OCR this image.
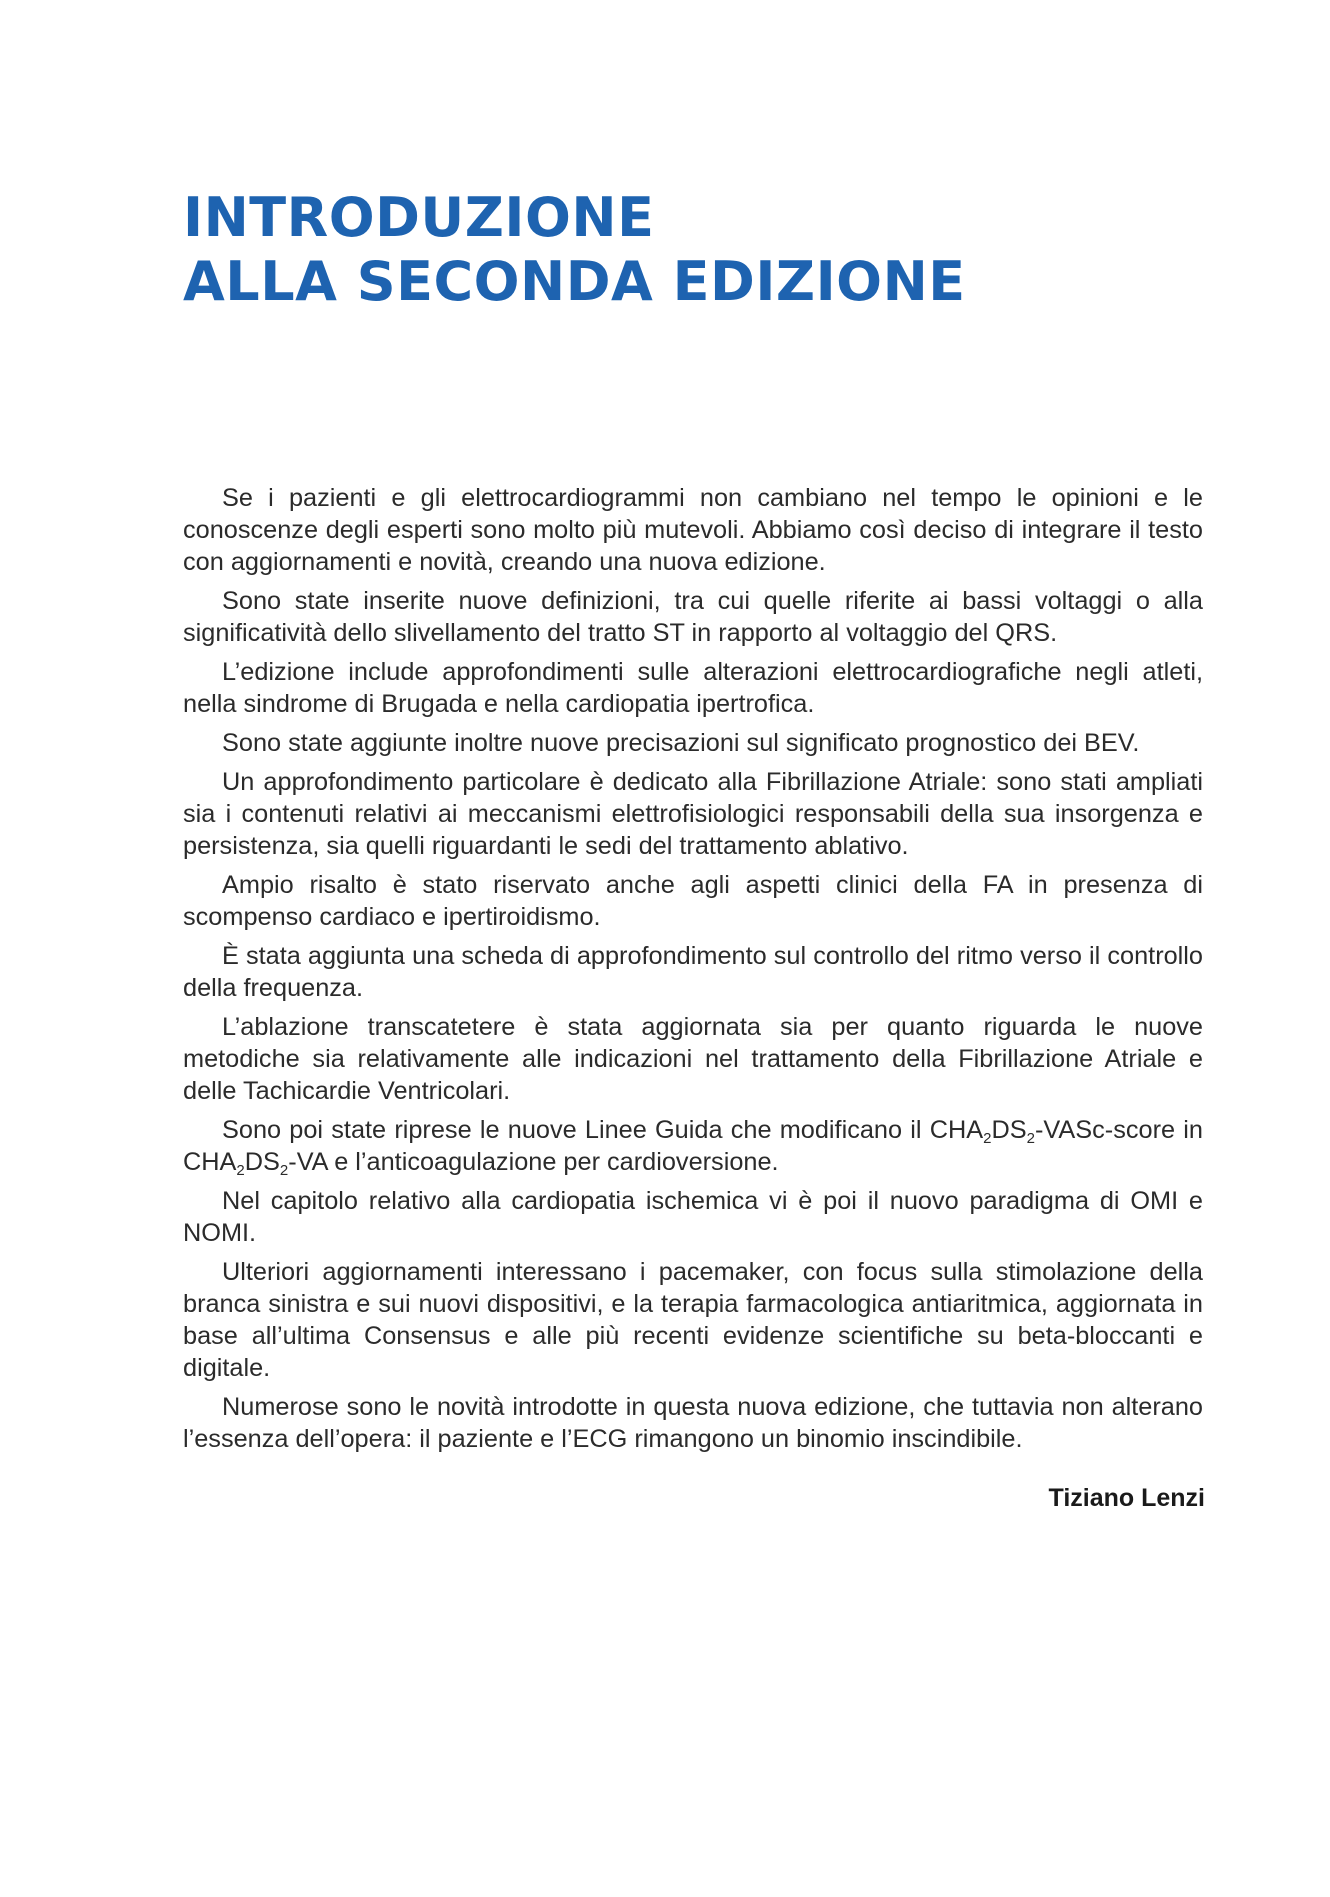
INTRODUZIONE
ALLA SECONDA EDIZIONE

Se i pazienti e gli elettrocardiogrammi non cambiano nel tempo le opinioni e le conoscenze degli esperti sono molto più mutevoli. Abbiamo così deciso di integrare il testo con aggiornamenti e novità, creando una nuova edizione.

Sono state inserite nuove definizioni, tra cui quelle riferite ai bassi voltaggi o alla significatività dello slivellamento del tratto ST in rapporto al voltaggio del QRS.

L’edizione include approfondimenti sulle alterazioni elettrocardiografiche negli atleti, nella sindrome di Brugada e nella cardiopatia ipertrofica.

Sono state aggiunte inoltre nuove precisazioni sul significato prognostico dei BEV.

Un approfondimento particolare è dedicato alla Fibrillazione Atriale: sono stati ampliati sia i contenuti relativi ai meccanismi elettrofisiologici responsabili della sua insorgenza e persistenza, sia quelli riguardanti le sedi del trattamento ablativo.

Ampio risalto è stato riservato anche agli aspetti clinici della FA in presenza di scompenso cardiaco e ipertiroidismo.

È stata aggiunta una scheda di approfondimento sul controllo del ritmo verso il controllo della frequenza.

L’ablazione transcatetere è stata aggiornata sia per quanto riguarda le nuove metodiche sia relativamente alle indicazioni nel trattamento della Fibrillazione Atriale e delle Tachicardie Ventricolari.

Sono poi state riprese le nuove Linee Guida che modificano il $CHA_2DS_2-VASc$-score in $CHA_2DS_2-VA$ e l’anticoagulazione per cardioversione.

Nel capitolo relativo alla cardiopatia ischemica vi è poi il nuovo paradigma di OMI e NOMI.

Ulteriori aggiornamenti interessano i pacemaker, con focus sulla stimolazione della branca sinistra e sui nuovi dispositivi, e la terapia farmacologica antiaritmica, aggiornata in base all’ultima Consensus e alle più recenti evidenze scientifiche su beta-bloccanti e digitale.

Numerose sono le novità introdotte in questa nuova edizione, che tuttavia non alterano l’essenza dell’opera: il paziente e l’ECG rimangono un binomio inscindibile.

Tiziano Lenzi
